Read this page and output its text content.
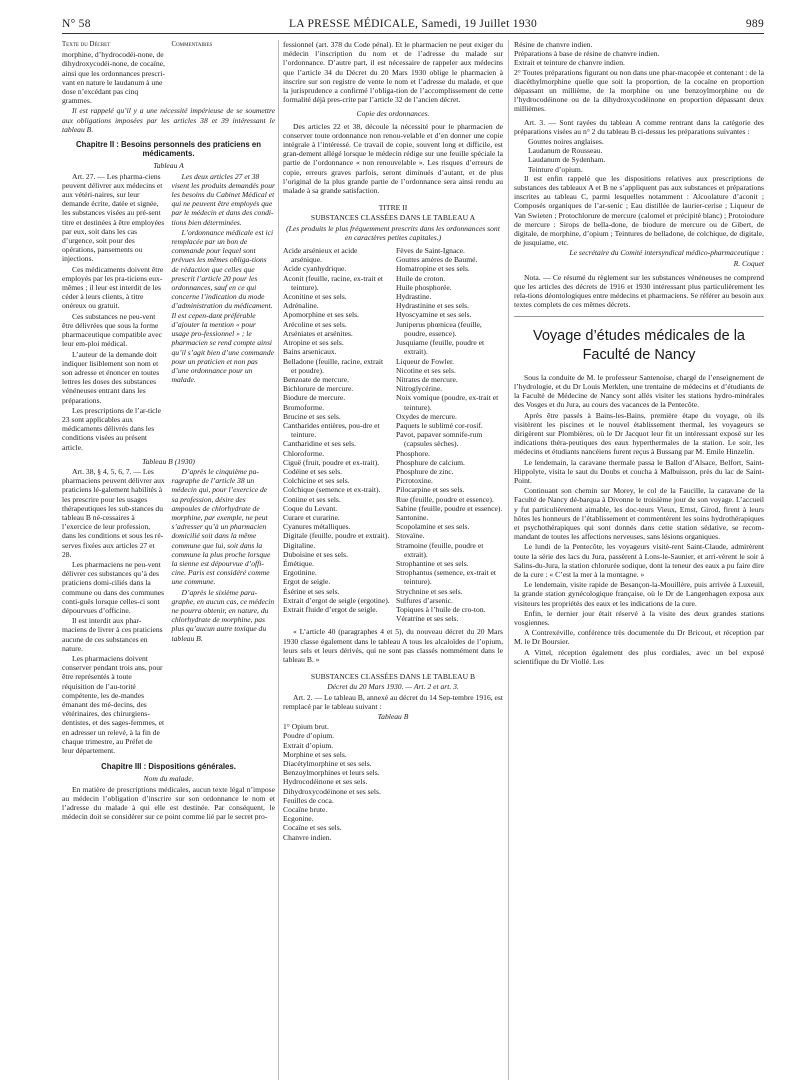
N° 58	LA PRESSE MÉDICALE, Samedi, 19 Juillet 1930	989

Texte du Décret	Commentaires

morphine, d’hydrocodéi-none, de dihydroxycodéi-none, de cocaïne, ainsi que les ordonnances prescri-vant en nature le laudanum à une dose n’excédant pas cinq grammes.

Il est rappelé qu’il y a une nécessité impérieuse de se soumettre aux obligations imposées par les articles 38 et 39 intéressant le tableau B.

Chapitre II : Besoins personnels des praticiens en médicaments.

Tableau A

Art. 27. — Les pharma-ciens peuvent délivrer aux médecins et aux vétéri-naires, sur leur demande écrite, datée et signée, les substances visées au pré-sent titre et destinées à être employées par eux, soit dans les cas d’urgence, soit pour des opérations, pansements ou injections.

Ces médicaments doivent être employés par les pra-ticiens eux-mêmes ; il leur est interdit de les céder à leurs clients, à titre onéreux ou gratuit.

Ces substances ne peu-vent être délivrées que sous la forme pharmaceutique compatible avec leur em-ploi médical.

L’auteur de la demande doit indiquer lisiblement son nom et son adresse et énoncer en toutes lettres les doses des substances vénéneuses entrant dans les préparations.

Les prescriptions de l’ar-ticle 23 sont applicables aux médicaments délivrés dans les conditions visées au présent article.

Les deux articles 27 et 38 visent les produits demandés pour les besoins du Cabinet Médical et qui ne peuvent être employés que par le médecin et dans des condi-tions bien déterminées.

L’ordonnance médicale est ici remplacée par un bon de commande pour lequel sont prévues les mêmes obliga-tions de rédaction que celles que prescrit l’article 20 pour les ordonnances, sauf en ce qui concerne l’indication du mode d’administration du médicament. Il est cepen-dant préférable d’ajouter la mention « pour usage pro-fessionnel » ; le pharmacien se rend compte ainsi qu’il s’agit bien d’une commande pour un praticien et non pas d’une ordonnance pour un malade.

Tableau B (1930)

Art. 38, § 4, 5, 6, 7. — Les pharmaciens peuvent délivrer aux praticiens lé-galement habilités à les prescrire pour les usages thérapeutiques les sub-stances du tableau B né-cessaires à l’exercice de leur profession, dans les conditions et sous les ré-serves fixées aux articles 27 et 28.

Les pharmaciens ne peu-vent délivrer ces substances qu’à des praticiens domi-ciliés dans la commune ou dans des communes conti-guës lorsque celles-ci sont dépourvues d’officine.

Il est interdit aux phar-maciens de livrer à ces praticiens aucune de ces substances en nature.

Les pharmaciens doivent conserver pendant trois ans, pour être représentés à toute réquisition de l’au-torité compétente, les de-mandes émanant des mé-decins, des vétérinaires, des chirurgiens-dentistes, et des sages-femmes, et en adresser un relevé, à la fin de chaque trimestre, au Préfet de leur département.

D’après le cinquième pa-ragraphe de l’article 38 un médecin qui, pour l’exercice de sa profession, désire des ampoules de chlorhydrate de morphine, par exemple, ne peut s’adresser qu’à un pharmacien domicilié soit dans la même commune que lui, soit dans la commune la plus proche lorsque la sienne est dépourvue d’offi-cine. Paris est considéré comme une commune.

D’après le sixième para-graphe, en aucun cas, ce médecin ne pourra obtenir, en nature, du chlorhydrate de morphine, pas plus qu’aucun autre toxique du tableau B.

Chapitre III : Dispositions générales.

Nom du malade.

En matière de prescriptions médicales, aucun texte légal n’impose au médecin l’obligation d’inscrire sur son ordonnance le nom et l’adresse du malade à qui elle est destinée. Par conséquent, le médecin doit se considérer sur ce point comme lié par le secret pro-

fessionnel (art. 378 du Code pénal). Et le pharmacien ne peut exiger du médecin l’inscription du nom et de l’adresse du malade sur l’ordonnance. D’autre part, il est nécessaire de rappeler aux médecins que l’article 34 du Décret du 20 Mars 1930 oblige le pharmacien à inscrire sur son registre de vente le nom et l’adresse du malade, et que la jurisprudence a confirmé l’obliga-tion de l’accomplissement de cette formalité déjà pres-crite par l’article 32 de l’ancien décret.

Copie des ordonnances.

Des articles 22 et 38, découle la nécessité pour le pharmacien de conserver toute ordonnance non renou-velable et d’en donner une copie intégrale à l’intéressé. Ce travail de copie, souvent long et difficile, est gran-dement allégé lorsque le médecin rédige sur une feuille spéciale la partie de l’ordonnance « non renouvelable ». Les risques d’erreurs de copie, erreurs graves parfois, seront diminués d’autant, et de plus l’original de la plus grande partie de l’ordonnance sera ainsi rendu au malade à sa grande satisfaction.

TITRE II

SUBSTANCES CLASSÉES DANS LE TABLEAU A

(Les produits le plus fréquemment prescrits dans les ordonnances sont en caractères petites capitales.)

Acide arsénieux et acide arsénique.

Acide cyanhydrique.

Aconit (feuille, racine, ex-trait et teinture).

Aconitine et ses sels.

Adrénaline.

Apomorphine et ses sels.

Arécoline et ses sels.

Arséniates et arsénites.

Atropine et ses sels.

Bains arsenicaux.

Belladone (feuille, racine, extrait et poudre).

Benzoate de mercure.

Bichlorure de mercure.

Biodure de mercure.

Bromoforme.

Brucine et ses sels.

Cantharides entières, pou-dre et teinture.

Cantharidine et ses sels.

Chloroforme.

Ciguë (fruit, poudre et ex-trait).

Codéine et ses sels.

Colchicine et ses sels.

Colchique (semence et ex-trait).

Coniine et ses sels.

Coque du Levant.

Curare et curarine.

Cyanures métalliques.

Digitale (feuille, poudre et extrait).

Digitaline.

Duboisine et ses sels.

Émétique.

Ergotinine.

Ergot de seigle.

Ésérine et ses sels.

Extrait d’ergot de seigle (ergotine).

Extrait fluide d’ergot de seigle.

Fèves de Saint-Ignace.

Gouttes amères de Baumé.

Homatropine et ses sels.

Huile de croton.

Huile phosphorée.

Hydrastine.

Hydrastinine et ses sels.

Hyoscyamine et ses sels.

Juniperus phœnicea (feuille, poudre, essence).

Jusquiame (feuille, poudre et extrait).

Liqueur de Fowler.

Nicotine et ses sels.

Nitrates de mercure.

Nitroglycérine.

Noix vomique (poudre, ex-trait et teinture).

Oxydes de mercure.

Paquets le sublimé cor-rosif.

Pavot, papaver somnife-rum (capsules sèches).

Phosphore.

Phosphure de calcium.

Phosphure de zinc.

Picrotoxine.

Pilocarpine et ses sels.

Rue (feuille, poudre et essence).

Sabine (feuille, poudre et essence).

Santonine.

Scopolamine et ses sels.

Stovaïne.

Stramoine (feuille, poudre et extrait).

Strophantine et ses sels.

Strophantus (semence, ex-trait et teinture).

Strychnine et ses sels.

Sulfures d’arsenic.

Topiques à l’huile de cro-ton.

Vératrine et ses sels.

« L’article 40 (paragraphes 4 et 5), du nouveau décret du 20 Mars 1930 classe également dans le tableau A tous les alcaloïdes de l’opium, leurs sels et leurs dérivés, qui ne sont pas classés nommément dans le tableau B. »

SUBSTANCES CLASSÉES DANS LE TABLEAU B

Décret du 20 Mars 1930. — Art. 2 et art. 3.

Art. 2. — Le tableau B, annexé au décret du 14 Sep-tembre 1916, est remplacé par le tableau suivant :

Tableau B

1° Opium brut.

Poudre d’opium.

Extrait d’opium.

Morphine et ses sels.

Diacétylmorphine et ses sels.

Benzoylmorphines et leurs sels.

Hydrocodéinone et ses sels.

Dihydroxycodéinone et ses sels.

Feuilles de coca.

Cocaïne brute.

Ecgonine.

Cocaïne et ses sels.

Chanvre indien.

Résine de chanvre indien.

Préparations à base de résine de chanvre indien.

Extrait et teinture de chanvre indien.

2° Toutes préparations figurant ou non dans une phar-macopée et contenant : de la diacéthylmorphine quelle que soit la proportion, de la cocaïne en proportion dépassant un millième, de la morphine ou une benzoylmorphine ou de l’hydrocodéinone ou de la dihydroxycodéinone en proportion dépassant deux millièmes.

Art. 3. — Sont rayées du tableau A comme rentrant dans la catégorie des préparations visées au n° 2 du tableau B ci-dessus les préparations suivantes :

Gouttes noires anglaises.

Laudanum de Rousseau.

Laudanum de Sydenham.

Teinture d’opium.

Il est enfin rappelé que les dispositions relatives aux prescriptions de substances des tableaux A et B ne s’appliquent pas aux substances et préparations inscrites au tableau C, parmi lesquelles notamment : Alcoolature d’aconit ; Composés organiques de l’ar-senic ; Eau distillée de laurier-cerise ; Liqueur de Van Swieten ; Protochlorure de mercure (calomel et précipité blanc) ; Protoiodure de mercure : Sirops de bella-done, de biodure de mercure ou de Gibert, de digitale, de morphine, d’opium ; Teintures de belladone, de colchique, de digitale, de jusquiame, etc.

Le secrétaire du Comité intersyndical médico-pharmaceutique :

R. Coquet

Nota. — Ce résumé du règlement sur les substances vénéneuses ne comprend que les articles des décrets de 1916 et 1930 intéressant plus particulièrement les rela-tions déontologiques entre médecins et pharmaciens. Se référer au besoin aux textes complets de ces mêmes décrets.

Voyage d’études médicales de la Faculté de Nancy

Sous la conduite de M. le professeur Santenoise, chargé de l’enseignement de l’hydrologie, et du Dr Louis Merklen, une trentaine de médecins et d’étudiants de la Faculté de Médecine de Nancy sont allés visiter les stations hydro-minérales des Vosges et du Jura, au cours des vacances de la Pentecôte.

Après être passés à Bains-les-Bains, première étape du voyage, où ils visitèrent les piscines et le nouvel établissement thermal, les voyageurs se dirigèrent sur Plombières, où le Dr Jacquot leur fit un intéressant exposé sur les indications théra-peutiques des eaux hyperthermales de la station. Le soir, les médecins et étudiants nancéiens furent reçus à Bussang par M. Emile Hinzelin.

Le lendemain, la caravane thermale passa le Ballon d’Alsace, Belfort, Saint-Hippolyte, visita le saut du Doubs et coucha à Malbuisson, près du lac de Saint-Point.

Continuant son chemin sur Morey, le col de la Faucille, la caravane de la Faculté de Nancy dé-barqua à Divonne le troisième jour de son voyage. L’accueil y fut particulièrement aimable, les doc-teurs Vieux, Ernst, Girod, firent à leurs hôtes les honneurs de l’établissement et commentèrent les soins hydrothérapiques et psychothérapiques qui sont donnés dans cette station sédative, se recom-mandant de toutes les affections nerveuses, sans lésions organiques.

Le lundi de la Pentecôte, les voyageurs visitè-rent Saint-Claude, admirèrent toute la série des lacs du Jura, passèrent à Lons-le-Saunier, et arri-vèrent le soir à Salins-du-Jura, la station chlorurée sodique, dont la teneur des eaux a pu faire dire de la cure : « C’est la mer à la montagne. »

Le lendemain, visite rapide de Besançon-la-Mouillère, puis arrivée à Luxeuil, la grande station gynécologique française, où le Dr de Langenhagen exposa aux visiteurs les propriétés des eaux et les indications de la cure.

Enfin, le dernier jour était réservé à la visite des deux grandes stations vosgiennes.

A Contrexéville, conférence très documentée du Dr Bricout, et réception par M. le Dr Boursier.

A Vittel, réception également des plus cordiales, avec un bel exposé scientifique du Dr Viollé. Les
